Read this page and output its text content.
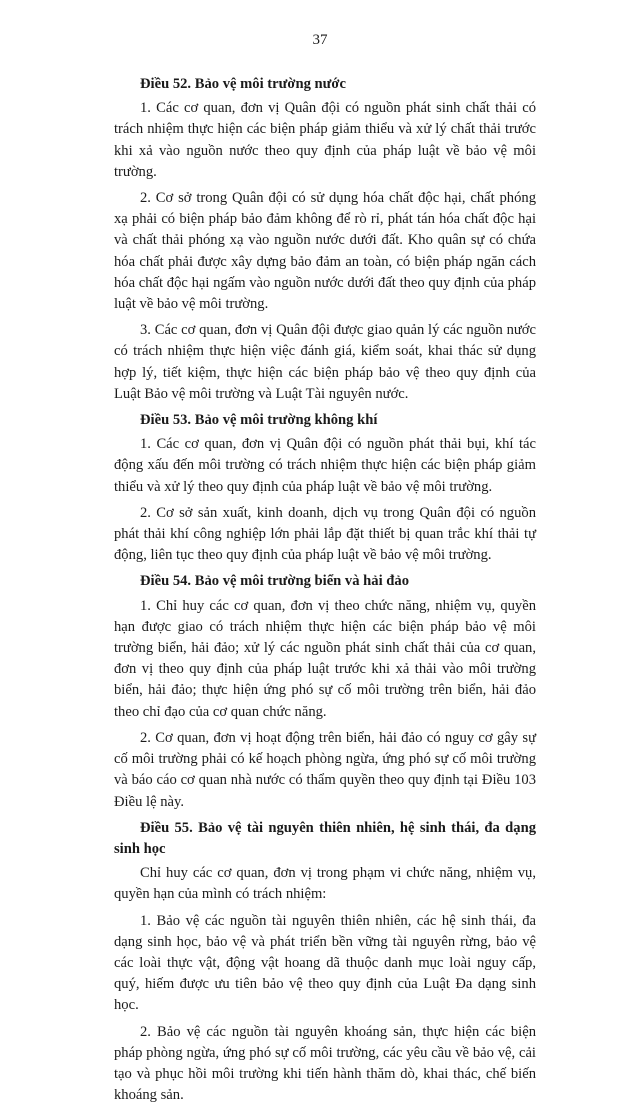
37

Điều 52. Bảo vệ môi trường nước

1. Các cơ quan, đơn vị Quân đội có nguồn phát sinh chất thải có trách nhiệm thực hiện các biện pháp giảm thiểu và xử lý chất thải trước khi xả vào nguồn nước theo quy định của pháp luật về bảo vệ môi trường.

2. Cơ sở trong Quân đội có sử dụng hóa chất độc hại, chất phóng xạ phải có biện pháp bảo đảm không để rò rỉ, phát tán hóa chất độc hại và chất thải phóng xạ vào nguồn nước dưới đất. Kho quân sự có chứa hóa chất phải được xây dựng bảo đảm an toàn, có biện pháp ngăn cách hóa chất độc hại ngấm vào nguồn nước dưới đất theo quy định của pháp luật về bảo vệ môi trường.

3. Các cơ quan, đơn vị Quân đội được giao quản lý các nguồn nước có trách nhiệm thực hiện việc đánh giá, kiểm soát, khai thác sử dụng hợp lý, tiết kiệm, thực hiện các biện pháp bảo vệ theo quy định của Luật Bảo vệ môi trường và Luật Tài nguyên nước.

Điều 53. Bảo vệ môi trường không khí

1. Các cơ quan, đơn vị Quân đội có nguồn phát thải bụi, khí tác động xấu đến môi trường có trách nhiệm thực hiện các biện pháp giảm thiểu và xử lý theo quy định của pháp luật về bảo vệ môi trường.

2. Cơ sở sản xuất, kinh doanh, dịch vụ trong Quân đội có nguồn phát thải khí công nghiệp lớn phải lắp đặt thiết bị quan trắc khí thải tự động, liên tục theo quy định của pháp luật về bảo vệ môi trường.

Điều 54. Bảo vệ môi trường biển và hải đảo

1. Chỉ huy các cơ quan, đơn vị theo chức năng, nhiệm vụ, quyền hạn được giao có trách nhiệm thực hiện các biện pháp bảo vệ môi trường biển, hải đảo; xử lý các nguồn phát sinh chất thải của cơ quan, đơn vị theo quy định của pháp luật trước khi xả thải vào môi trường biển, hải đảo; thực hiện ứng phó sự cố môi trường trên biển, hải đảo theo chỉ đạo của cơ quan chức năng.

2. Cơ quan, đơn vị hoạt động trên biển, hải đảo có nguy cơ gây sự cố môi trường phải có kế hoạch phòng ngừa, ứng phó sự cố môi trường và báo cáo cơ quan nhà nước có thẩm quyền theo quy định tại Điều 103 Điều lệ này.

Điều 55. Bảo vệ tài nguyên thiên nhiên, hệ sinh thái, đa dạng sinh học

Chỉ huy các cơ quan, đơn vị trong phạm vi chức năng, nhiệm vụ, quyền hạn của mình có trách nhiệm:

1. Bảo vệ các nguồn tài nguyên thiên nhiên, các hệ sinh thái, đa dạng sinh học, bảo vệ và phát triển bền vững tài nguyên rừng, bảo vệ các loài thực vật, động vật hoang dã thuộc danh mục loài nguy cấp, quý, hiếm được ưu tiên bảo vệ theo quy định của Luật Đa dạng sinh học.

2. Bảo vệ các nguồn tài nguyên khoáng sản, thực hiện các biện pháp phòng ngừa, ứng phó sự cố môi trường, các yêu cầu về bảo vệ, cải tạo và phục hồi môi trường khi tiến hành thăm dò, khai thác, chế biến khoáng sản.
